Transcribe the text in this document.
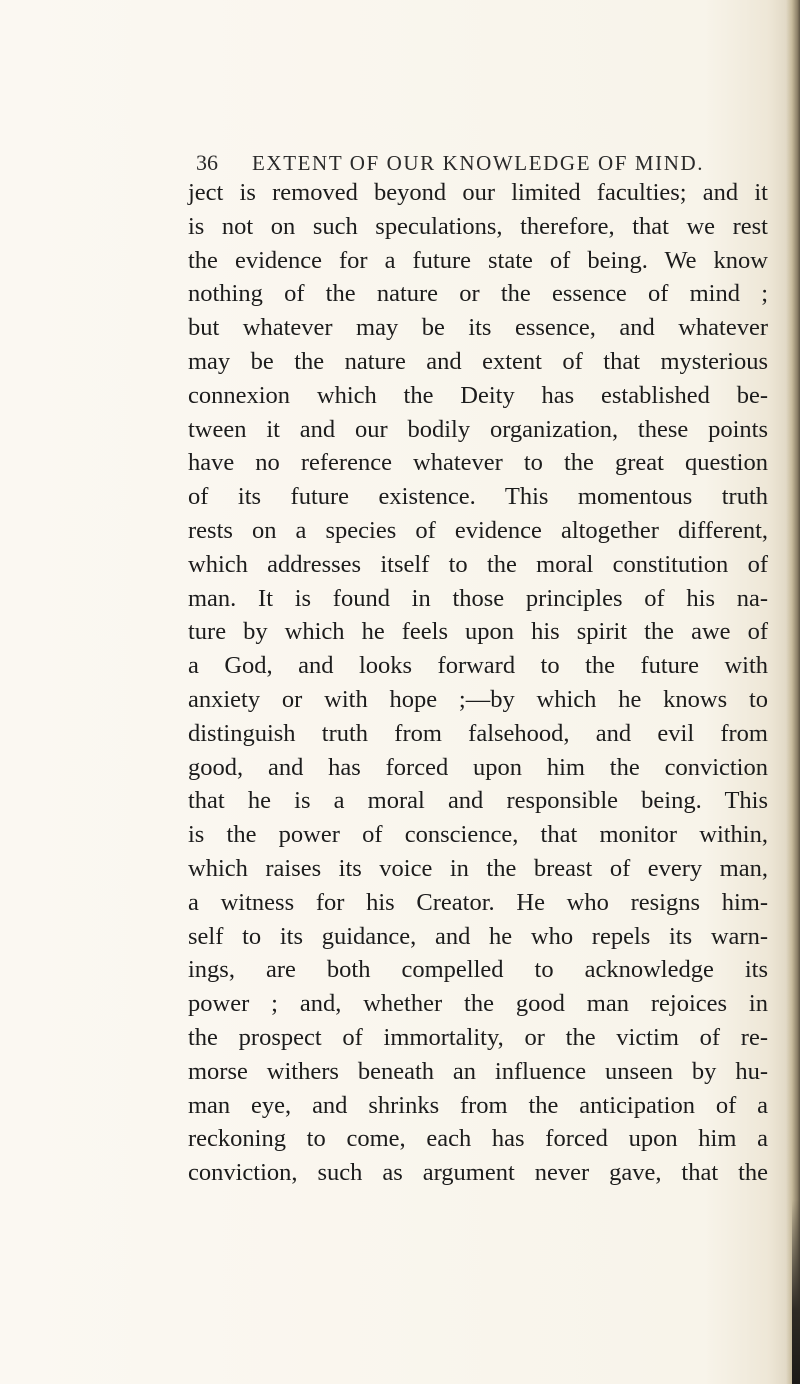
36 EXTENT OF OUR KNOWLEDGE OF MIND.
ject is removed beyond our limited faculties; and it
is not on such speculations, therefore, that we rest
the evidence for a future state of being. We know
nothing of the nature or the essence of mind ;
but whatever may be its essence, and whatever
may be the nature and extent of that mysterious
connexion which the Deity has established be-
tween it and our bodily organization, these points
have no reference whatever to the great question
of its future existence. This momentous truth
rests on a species of evidence altogether different,
which addresses itself to the moral constitution of
man. It is found in those principles of his na-
ture by which he feels upon his spirit the awe of
a God, and looks forward to the future with
anxiety or with hope ;—by which he knows to
distinguish truth from falsehood, and evil from
good, and has forced upon him the conviction
that he is a moral and responsible being. This
is the power of conscience, that monitor within,
which raises its voice in the breast of every man,
a witness for his Creator. He who resigns him-
self to its guidance, and he who repels its warn-
ings, are both compelled to acknowledge its
power ; and, whether the good man rejoices in
the prospect of immortality, or the victim of re-
morse withers beneath an influence unseen by hu-
man eye, and shrinks from the anticipation of a
reckoning to come, each has forced upon him a
conviction, such as argument never gave, that the
